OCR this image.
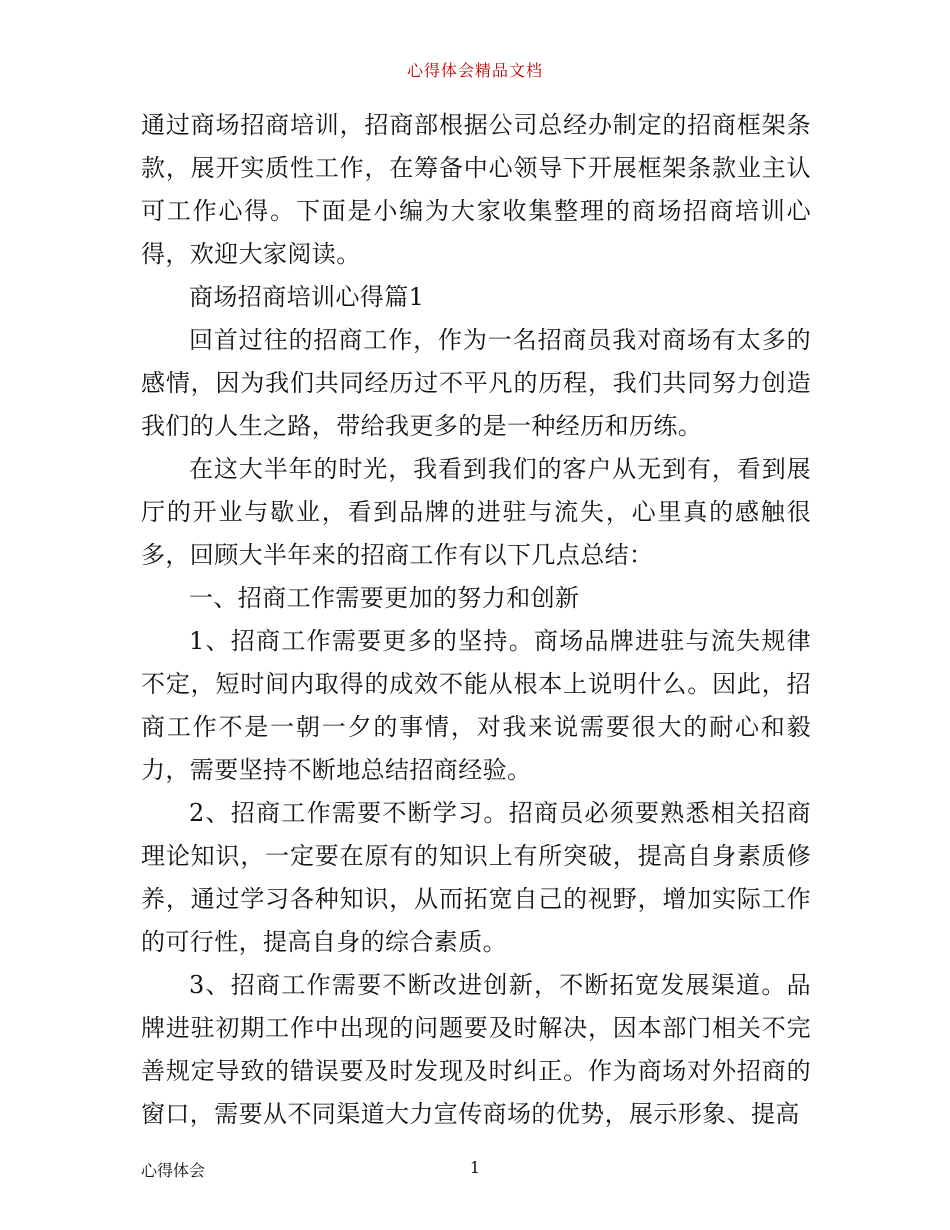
心得体会精品文档

通过商场招商培训，招商部根据公司总经办制定的招商框架条款，展开实质性工作，在筹备中心领导下开展框架条款业主认可工作心得。下面是小编为大家收集整理的商场招商培训心得，欢迎大家阅读。

商场招商培训心得篇1

回首过往的招商工作，作为一名招商员我对商场有太多的感情，因为我们共同经历过不平凡的历程，我们共同努力创造我们的人生之路，带给我更多的是一种经历和历练。

在这大半年的时光，我看到我们的客户从无到有，看到展厅的开业与歇业，看到品牌的进驻与流失，心里真的感触很多，回顾大半年来的招商工作有以下几点总结：

一、招商工作需要更加的努力和创新

1、招商工作需要更多的坚持。商场品牌进驻与流失规律不定，短时间内取得的成效不能从根本上说明什么。因此，招商工作不是一朝一夕的事情，对我来说需要很大的耐心和毅力，需要坚持不断地总结招商经验。

2、招商工作需要不断学习。招商员必须要熟悉相关招商理论知识，一定要在原有的知识上有所突破，提高自身素质修养，通过学习各种知识，从而拓宽自己的视野，增加实际工作的可行性，提高自身的综合素质。

3、招商工作需要不断改进创新，不断拓宽发展渠道。品牌进驻初期工作中出现的问题要及时解决，因本部门相关不完善规定导致的错误要及时发现及时纠正。作为商场对外招商的窗口，需要从不同渠道大力宣传商场的优势，展示形象、提高

心得体会	1
